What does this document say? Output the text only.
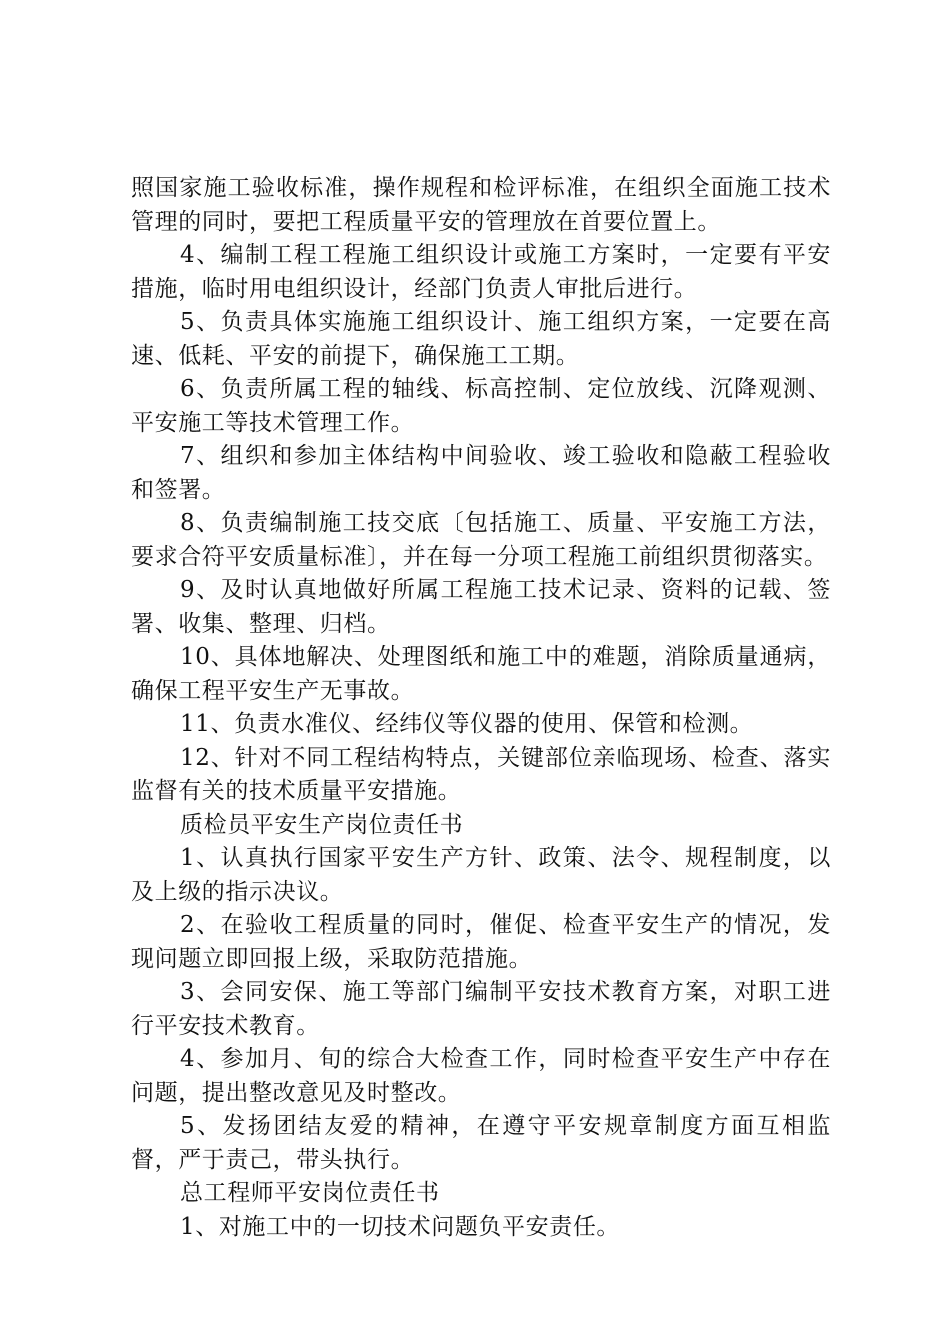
照国家施工验收标准，操作规程和检评标准，在组织全面施工技术管理的同时，要把工程质量平安的管理放在首要位置上。

4、编制工程工程施工组织设计或施工方案时，一定要有平安措施，临时用电组织设计，经部门负责人审批后进行。

5、负责具体实施施工组织设计、施工组织方案，一定要在高速、低耗、平安的前提下，确保施工工期。

6、负责所属工程的轴线、标高控制、定位放线、沉降观测、平安施工等技术管理工作。

7、组织和参加主体结构中间验收、竣工验收和隐蔽工程验收和签署。

8、负责编制施工技交底〔包括施工、质量、平安施工方法，要求合符平安质量标准〕，并在每一分项工程施工前组织贯彻落实。

9、及时认真地做好所属工程施工技术记录、资料的记载、签署、收集、整理、归档。

10、具体地解决、处理图纸和施工中的难题，消除质量通病，确保工程平安生产无事故。

11、负责水准仪、经纬仪等仪器的使用、保管和检测。

12、针对不同工程结构特点，关键部位亲临现场、检查、落实监督有关的技术质量平安措施。

质检员平安生产岗位责任书

1、认真执行国家平安生产方针、政策、法令、规程制度，以及上级的指示决议。

2、在验收工程质量的同时，催促、检查平安生产的情况，发现问题立即回报上级，采取防范措施。

3、会同安保、施工等部门编制平安技术教育方案，对职工进行平安技术教育。

4、参加月、旬的综合大检查工作，同时检查平安生产中存在问题，提出整改意见及时整改。

5、发扬团结友爱的精神，在遵守平安规章制度方面互相监督，严于责己，带头执行。

总工程师平安岗位责任书

1、对施工中的一切技术问题负平安责任。
